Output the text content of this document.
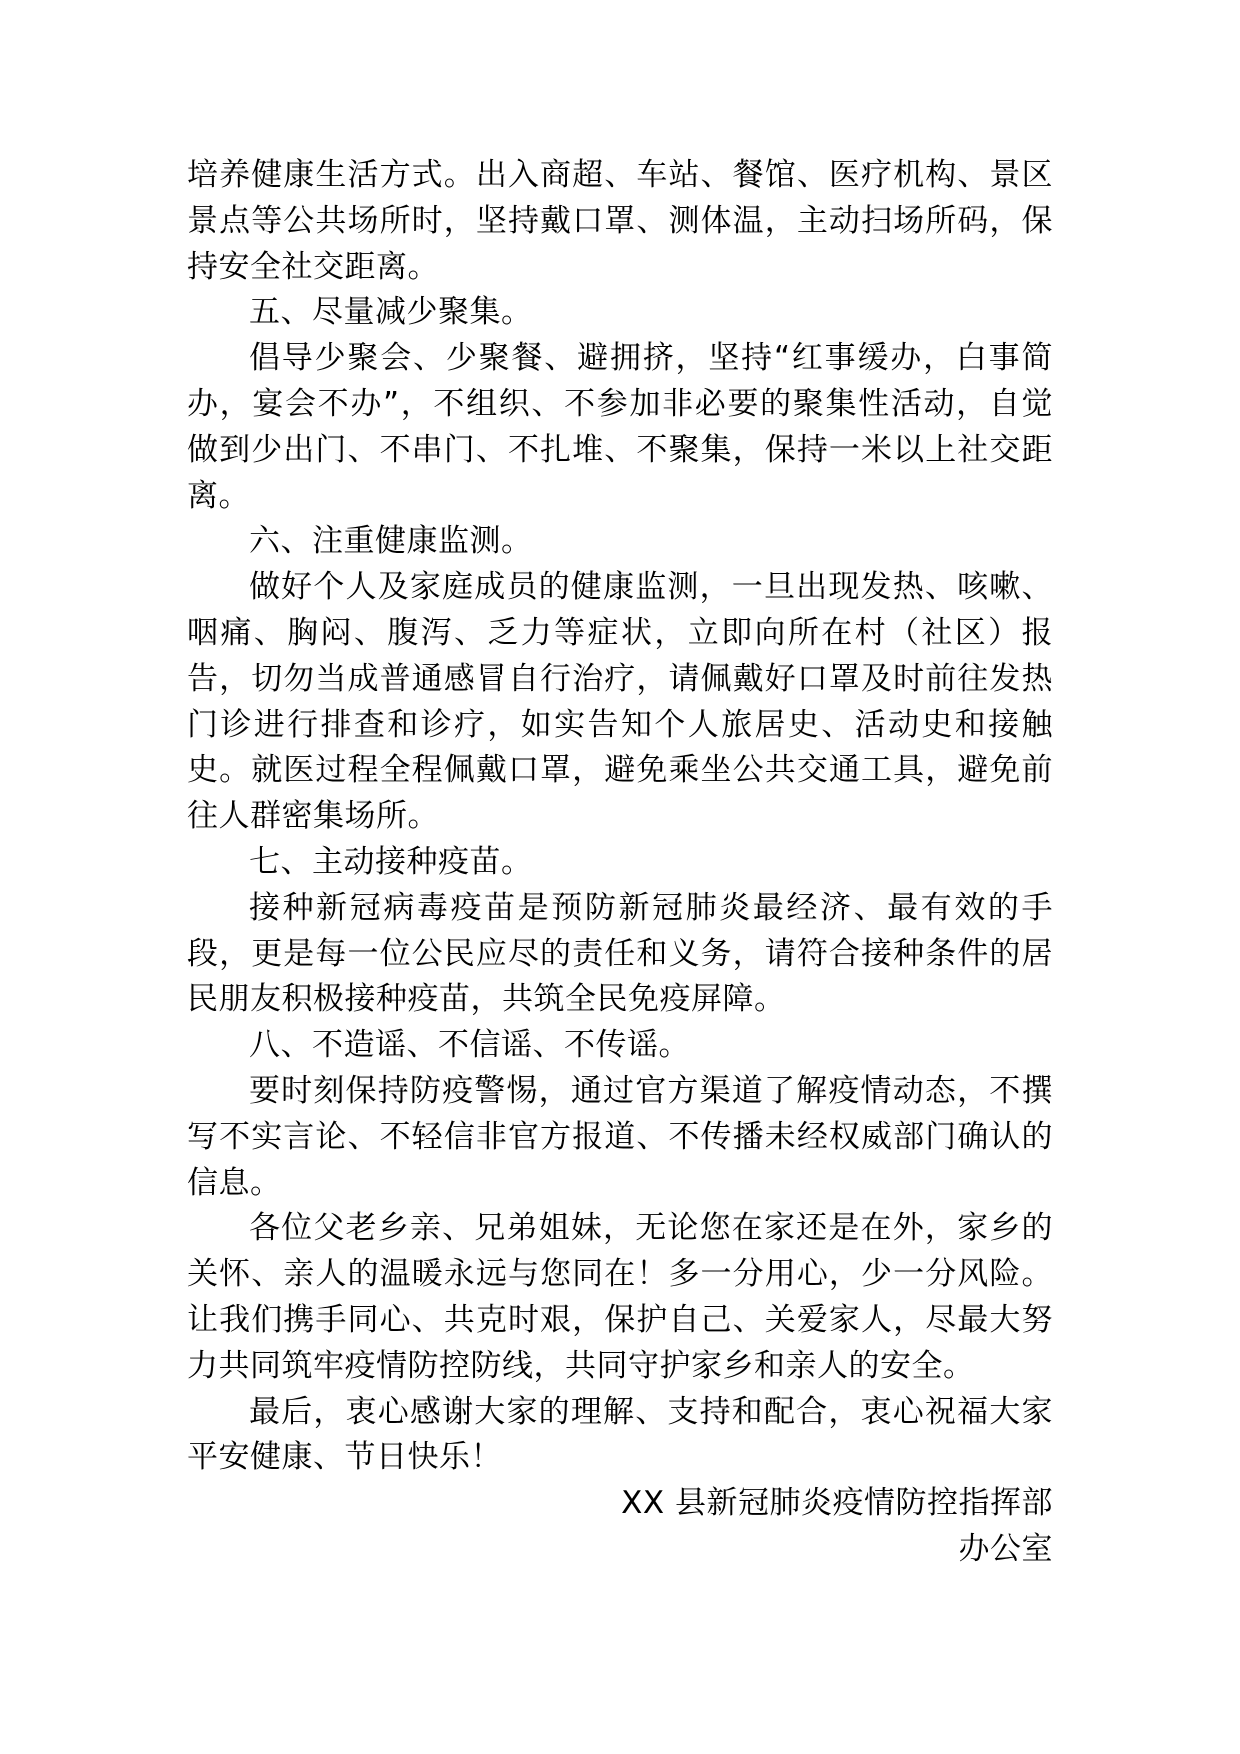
培养健康生活方式。出入商超、车站、餐馆、医疗机构、景区景点等公共场所时，坚持戴口罩、测体温，主动扫场所码，保持安全社交距离。

五、尽量减少聚集。

倡导少聚会、少聚餐、避拥挤，坚持“红事缓办，白事简办，宴会不办”，不组织、不参加非必要的聚集性活动，自觉做到少出门、不串门、不扎堆、不聚集，保持一米以上社交距离。

六、注重健康监测。

做好个人及家庭成员的健康监测，一旦出现发热、咳嗽、咽痛、胸闷、腹泻、乏力等症状，立即向所在村（社区）报告，切勿当成普通感冒自行治疗，请佩戴好口罩及时前往发热门诊进行排查和诊疗，如实告知个人旅居史、活动史和接触史。就医过程全程佩戴口罩，避免乘坐公共交通工具，避免前往人群密集场所。

七、主动接种疫苗。

接种新冠病毒疫苗是预防新冠肺炎最经济、最有效的手段，更是每一位公民应尽的责任和义务，请符合接种条件的居民朋友积极接种疫苗，共筑全民免疫屏障。

八、不造谣、不信谣、不传谣。

要时刻保持防疫警惕，通过官方渠道了解疫情动态，不撰写不实言论、不轻信非官方报道、不传播未经权威部门确认的信息。

各位父老乡亲、兄弟姐妹，无论您在家还是在外，家乡的关怀、亲人的温暖永远与您同在！多一分用心，少一分风险。让我们携手同心、共克时艰，保护自己、关爱家人，尽最大努力共同筑牢疫情防控防线，共同守护家乡和亲人的安全。

最后，衷心感谢大家的理解、支持和配合，衷心祝福大家平安健康、节日快乐！

XX 县新冠肺炎疫情防控指挥部

办公室
